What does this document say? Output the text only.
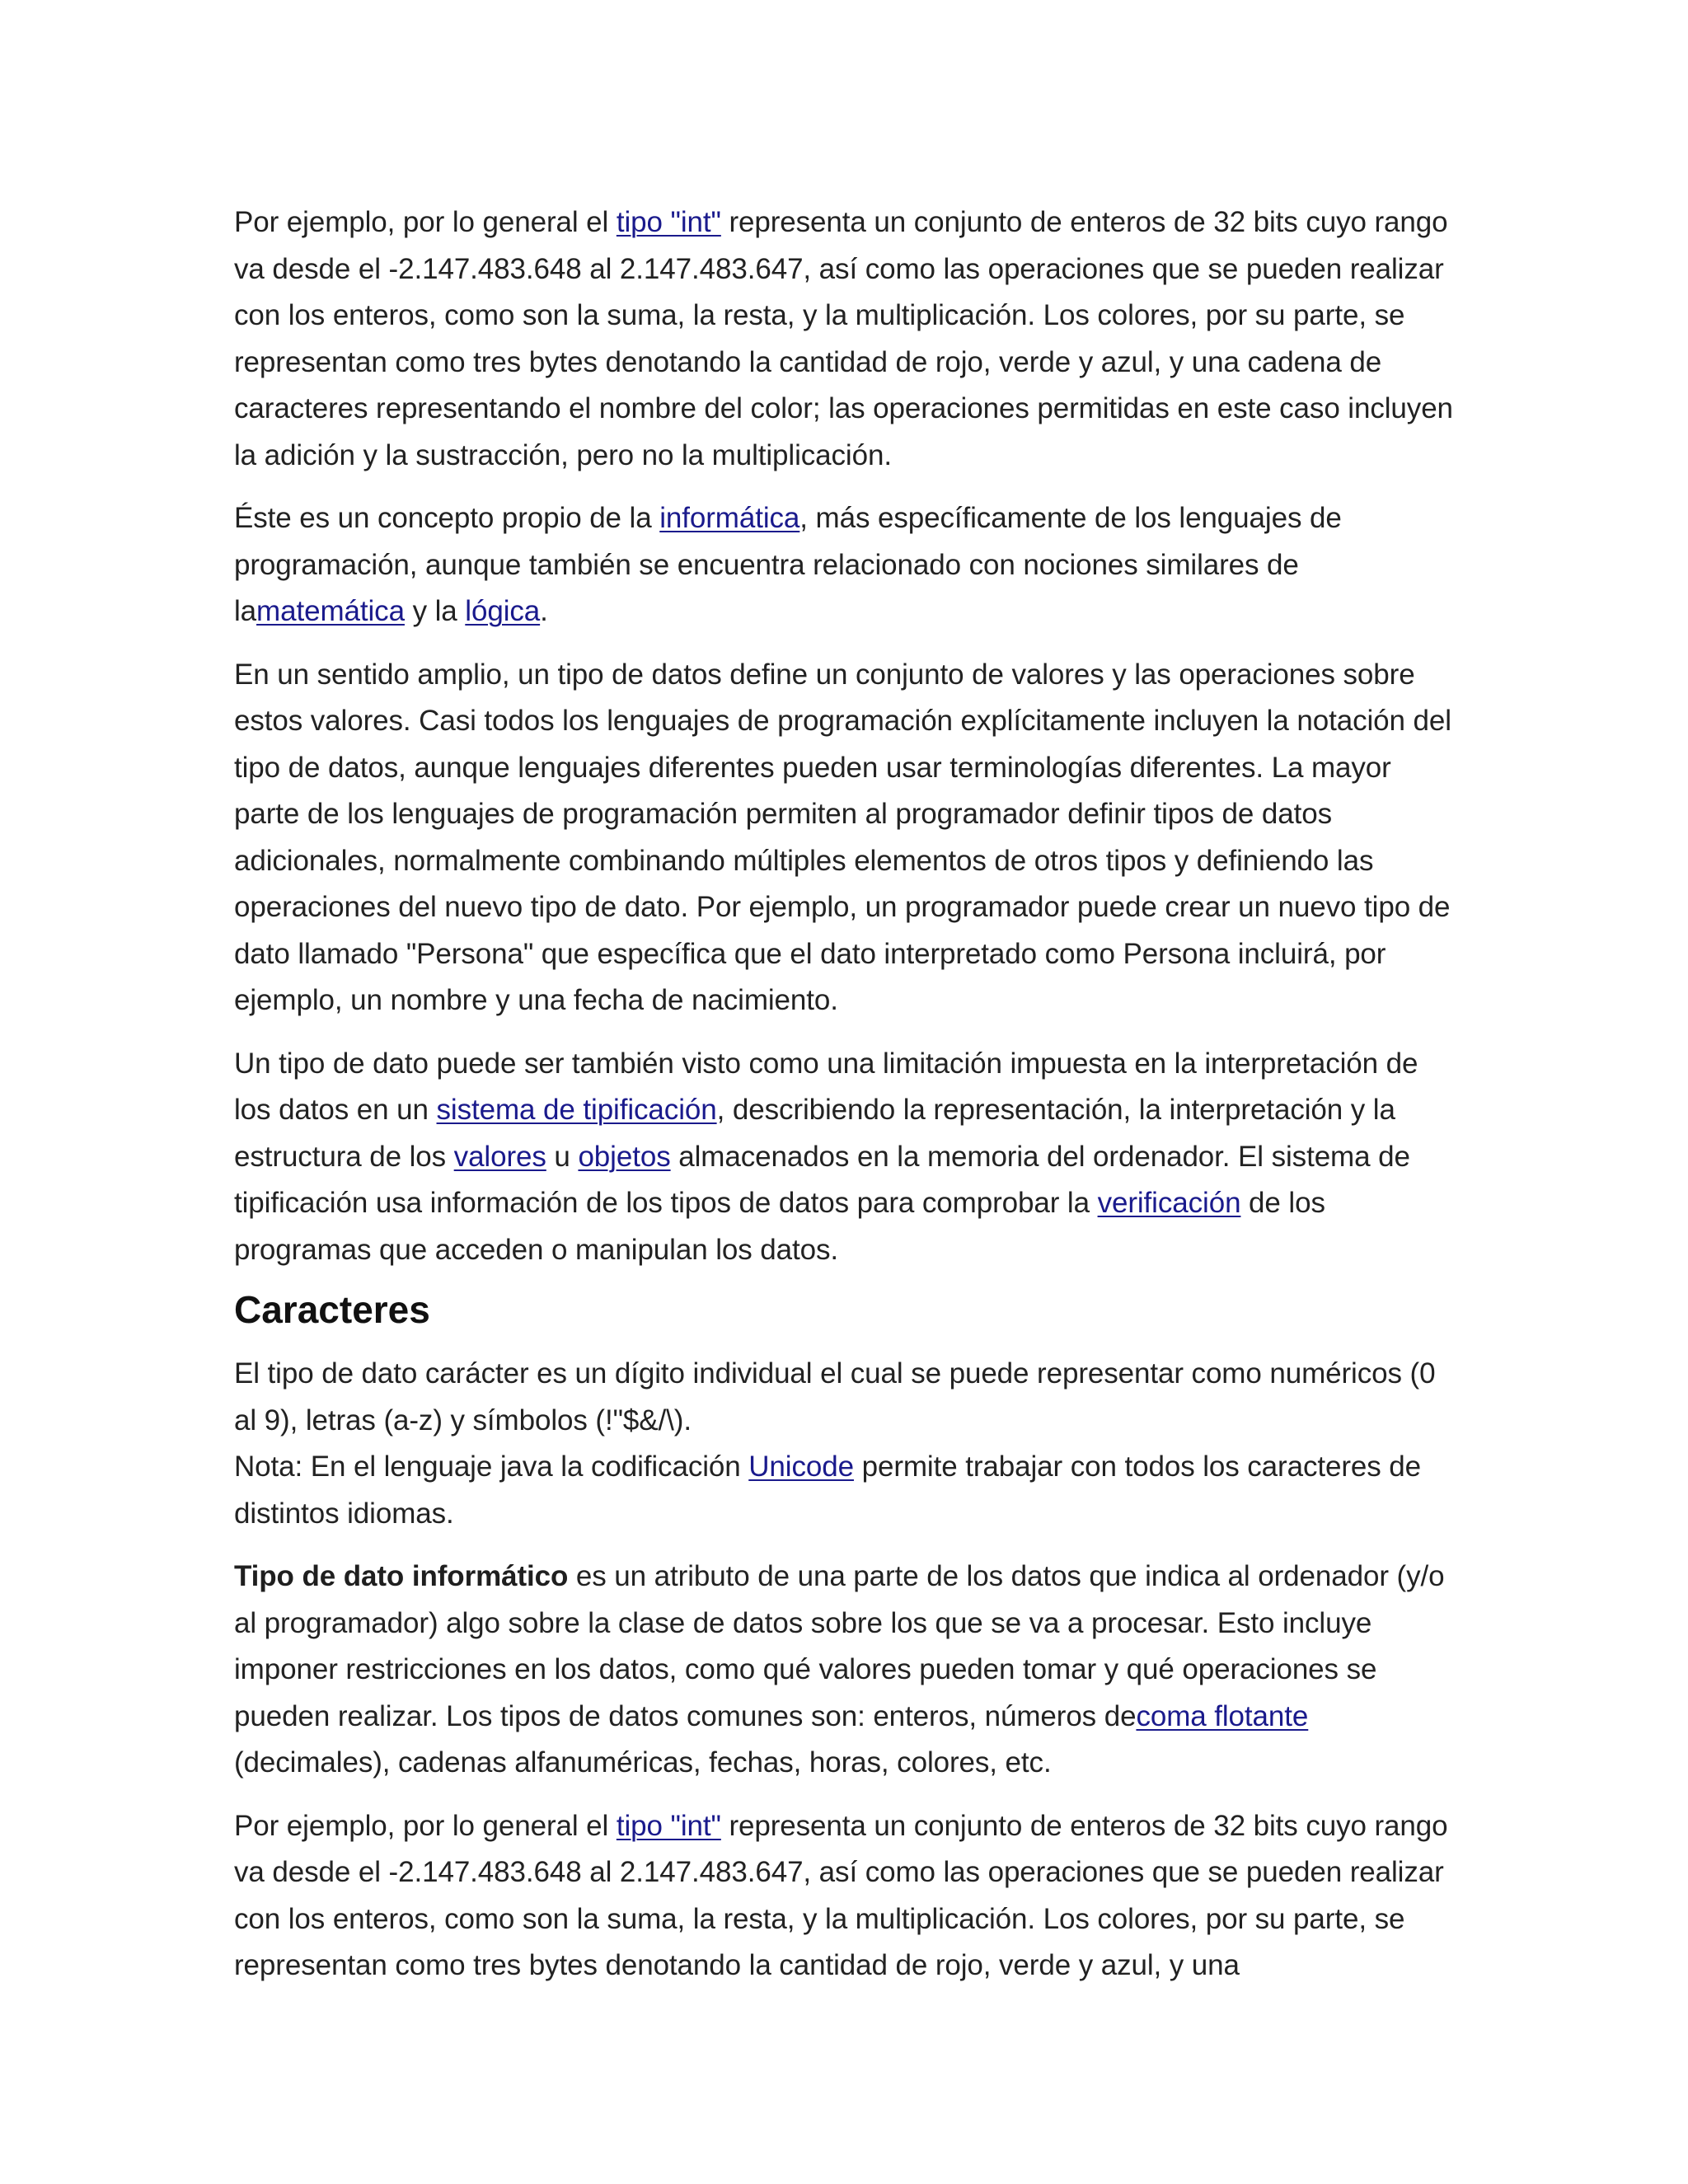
Por ejemplo, por lo general el tipo "int" representa un conjunto de enteros de 32 bits cuyo rango va desde el -2.147.483.648 al 2.147.483.647, así como las operaciones que se pueden realizar con los enteros, como son la suma, la resta, y la multiplicación. Los colores, por su parte, se representan como tres bytes denotando la cantidad de rojo, verde y azul, y una cadena de caracteres representando el nombre del color; las operaciones permitidas en este caso incluyen la adición y la sustracción, pero no la multiplicación.

Éste es un concepto propio de la informática, más específicamente de los lenguajes de programación, aunque también se encuentra relacionado con nociones similares de lamatemática y la lógica.

En un sentido amplio, un tipo de datos define un conjunto de valores y las operaciones sobre estos valores. Casi todos los lenguajes de programación explícitamente incluyen la notación del tipo de datos, aunque lenguajes diferentes pueden usar terminologías diferentes. La mayor parte de los lenguajes de programación permiten al programador definir tipos de datos adicionales, normalmente combinando múltiples elementos de otros tipos y definiendo las operaciones del nuevo tipo de dato. Por ejemplo, un programador puede crear un nuevo tipo de dato llamado "Persona" que específica que el dato interpretado como Persona incluirá, por ejemplo, un nombre y una fecha de nacimiento.

Un tipo de dato puede ser también visto como una limitación impuesta en la interpretación de los datos en un sistema de tipificación, describiendo la representación, la interpretación y la estructura de los valores u objetos almacenados en la memoria del ordenador. El sistema de tipificación usa información de los tipos de datos para comprobar la verificación de los programas que acceden o manipulan los datos.

Caracteres

El tipo de dato carácter es un dígito individual el cual se puede representar como numéricos (0 al 9), letras (a-z) y símbolos (!"$&/\).

Nota: En el lenguaje java la codificación Unicode permite trabajar con todos los caracteres de distintos idiomas.

Tipo de dato informático es un atributo de una parte de los datos que indica al ordenador (y/o al programador) algo sobre la clase de datos sobre los que se va a procesar. Esto incluye imponer restricciones en los datos, como qué valores pueden tomar y qué operaciones se pueden realizar. Los tipos de datos comunes son: enteros, números decoma flotante (decimales), cadenas alfanuméricas, fechas, horas, colores, etc.

Por ejemplo, por lo general el tipo "int" representa un conjunto de enteros de 32 bits cuyo rango va desde el -2.147.483.648 al 2.147.483.647, así como las operaciones que se pueden realizar con los enteros, como son la suma, la resta, y la multiplicación. Los colores, por su parte, se representan como tres bytes denotando la cantidad de rojo, verde y azul, y una
